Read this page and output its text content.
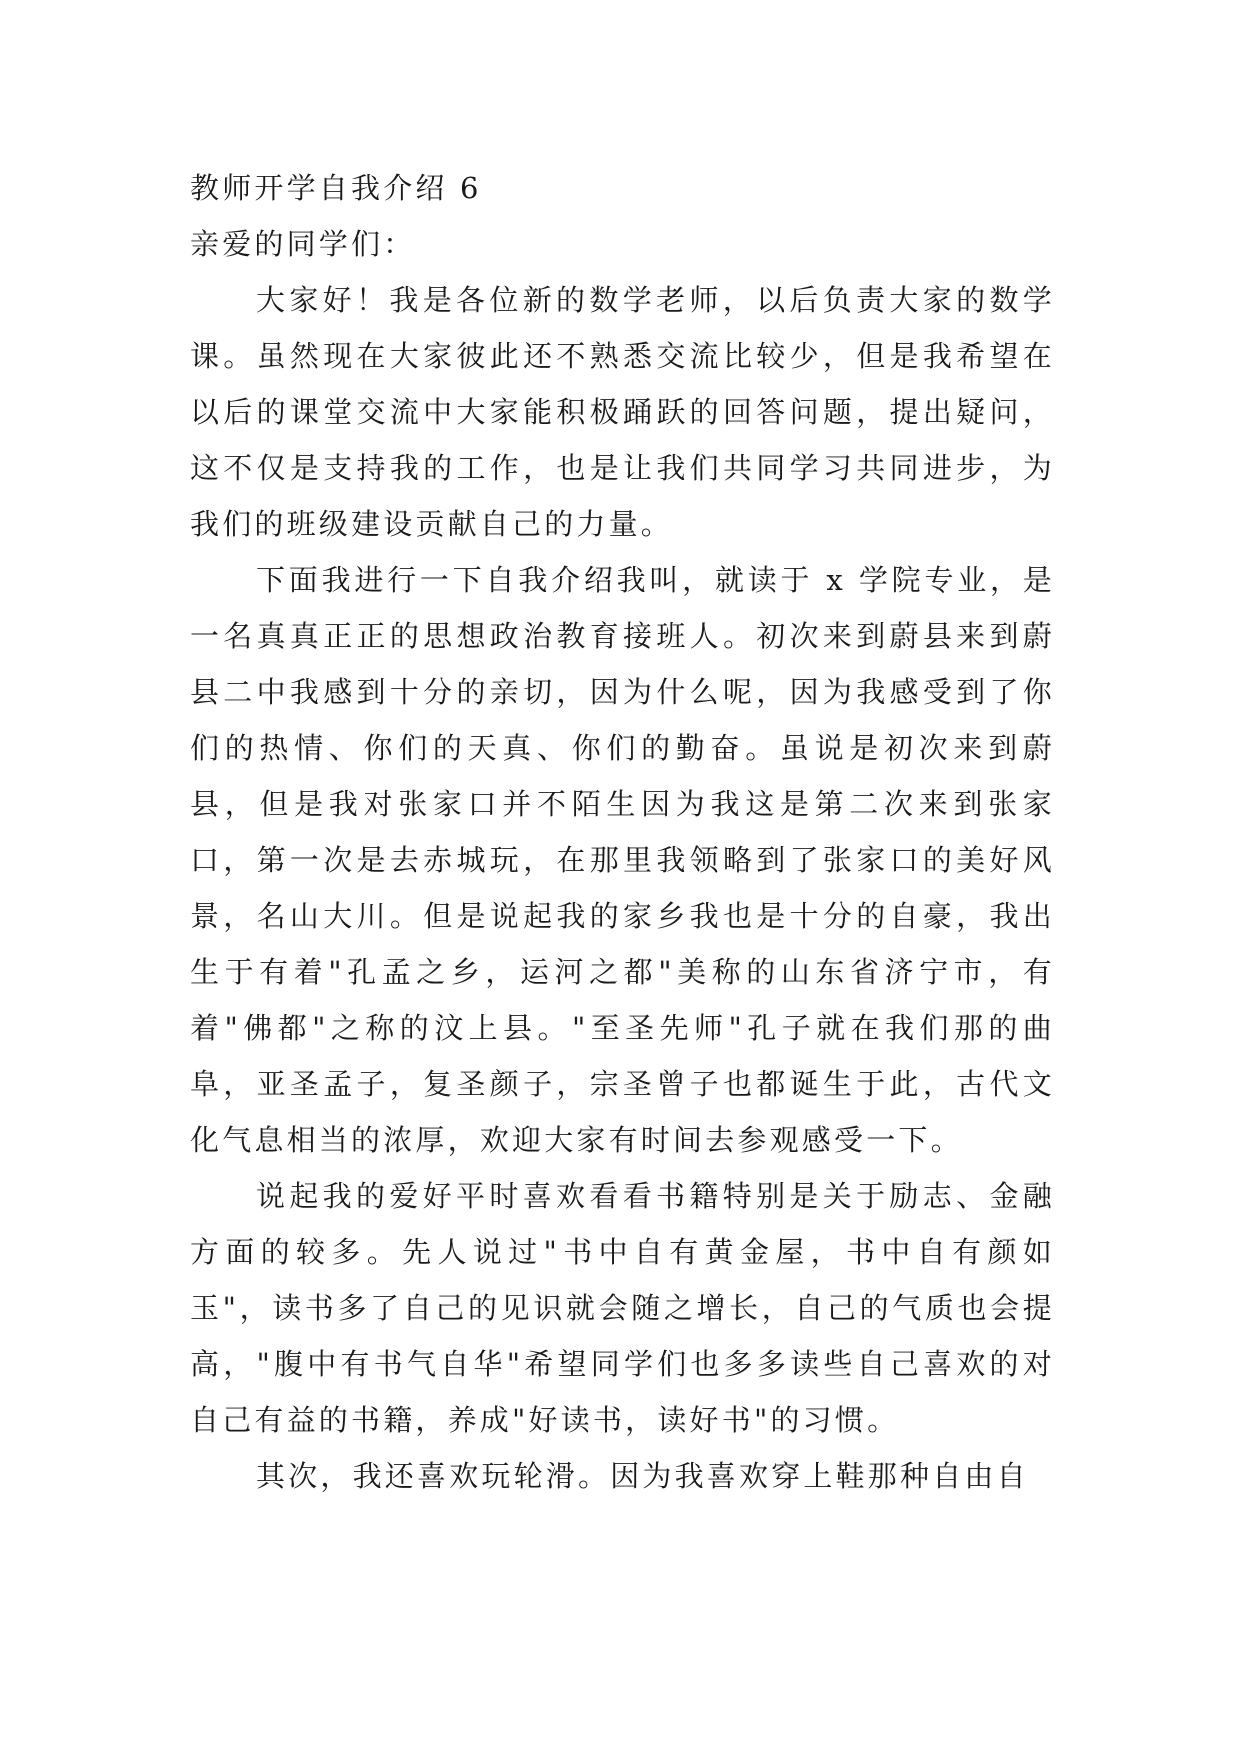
教师开学自我介绍 6

亲爱的同学们：

大家好！我是各位新的数学老师，以后负责大家的数学课。虽然现在大家彼此还不熟悉交流比较少，但是我希望在以后的课堂交流中大家能积极踊跃的回答问题，提出疑问，这不仅是支持我的工作，也是让我们共同学习共同进步，为我们的班级建设贡献自己的力量。

下面我进行一下自我介绍我叫，就读于 x 学院专业，是一名真真正正的思想政治教育接班人。初次来到蔚县来到蔚县二中我感到十分的亲切，因为什么呢，因为我感受到了你们的热情、你们的天真、你们的勤奋。虽说是初次来到蔚县，但是我对张家口并不陌生因为我这是第二次来到张家口，第一次是去赤城玩，在那里我领略到了张家口的美好风景，名山大川。但是说起我的家乡我也是十分的自豪，我出生于有着"孔孟之乡，运河之都"美称的山东省济宁市，有着"佛都"之称的汶上县。"至圣先师"孔子就在我们那的曲阜，亚圣孟子，复圣颜子，宗圣曾子也都诞生于此，古代文化气息相当的浓厚，欢迎大家有时间去参观感受一下。

说起我的爱好平时喜欢看看书籍特别是关于励志、金融方面的较多。先人说过"书中自有黄金屋，书中自有颜如玉"，读书多了自己的见识就会随之增长，自己的气质也会提高，"腹中有书气自华"希望同学们也多多读些自己喜欢的对自己有益的书籍，养成"好读书，读好书"的习惯。

其次，我还喜欢玩轮滑。因为我喜欢穿上鞋那种自由自
